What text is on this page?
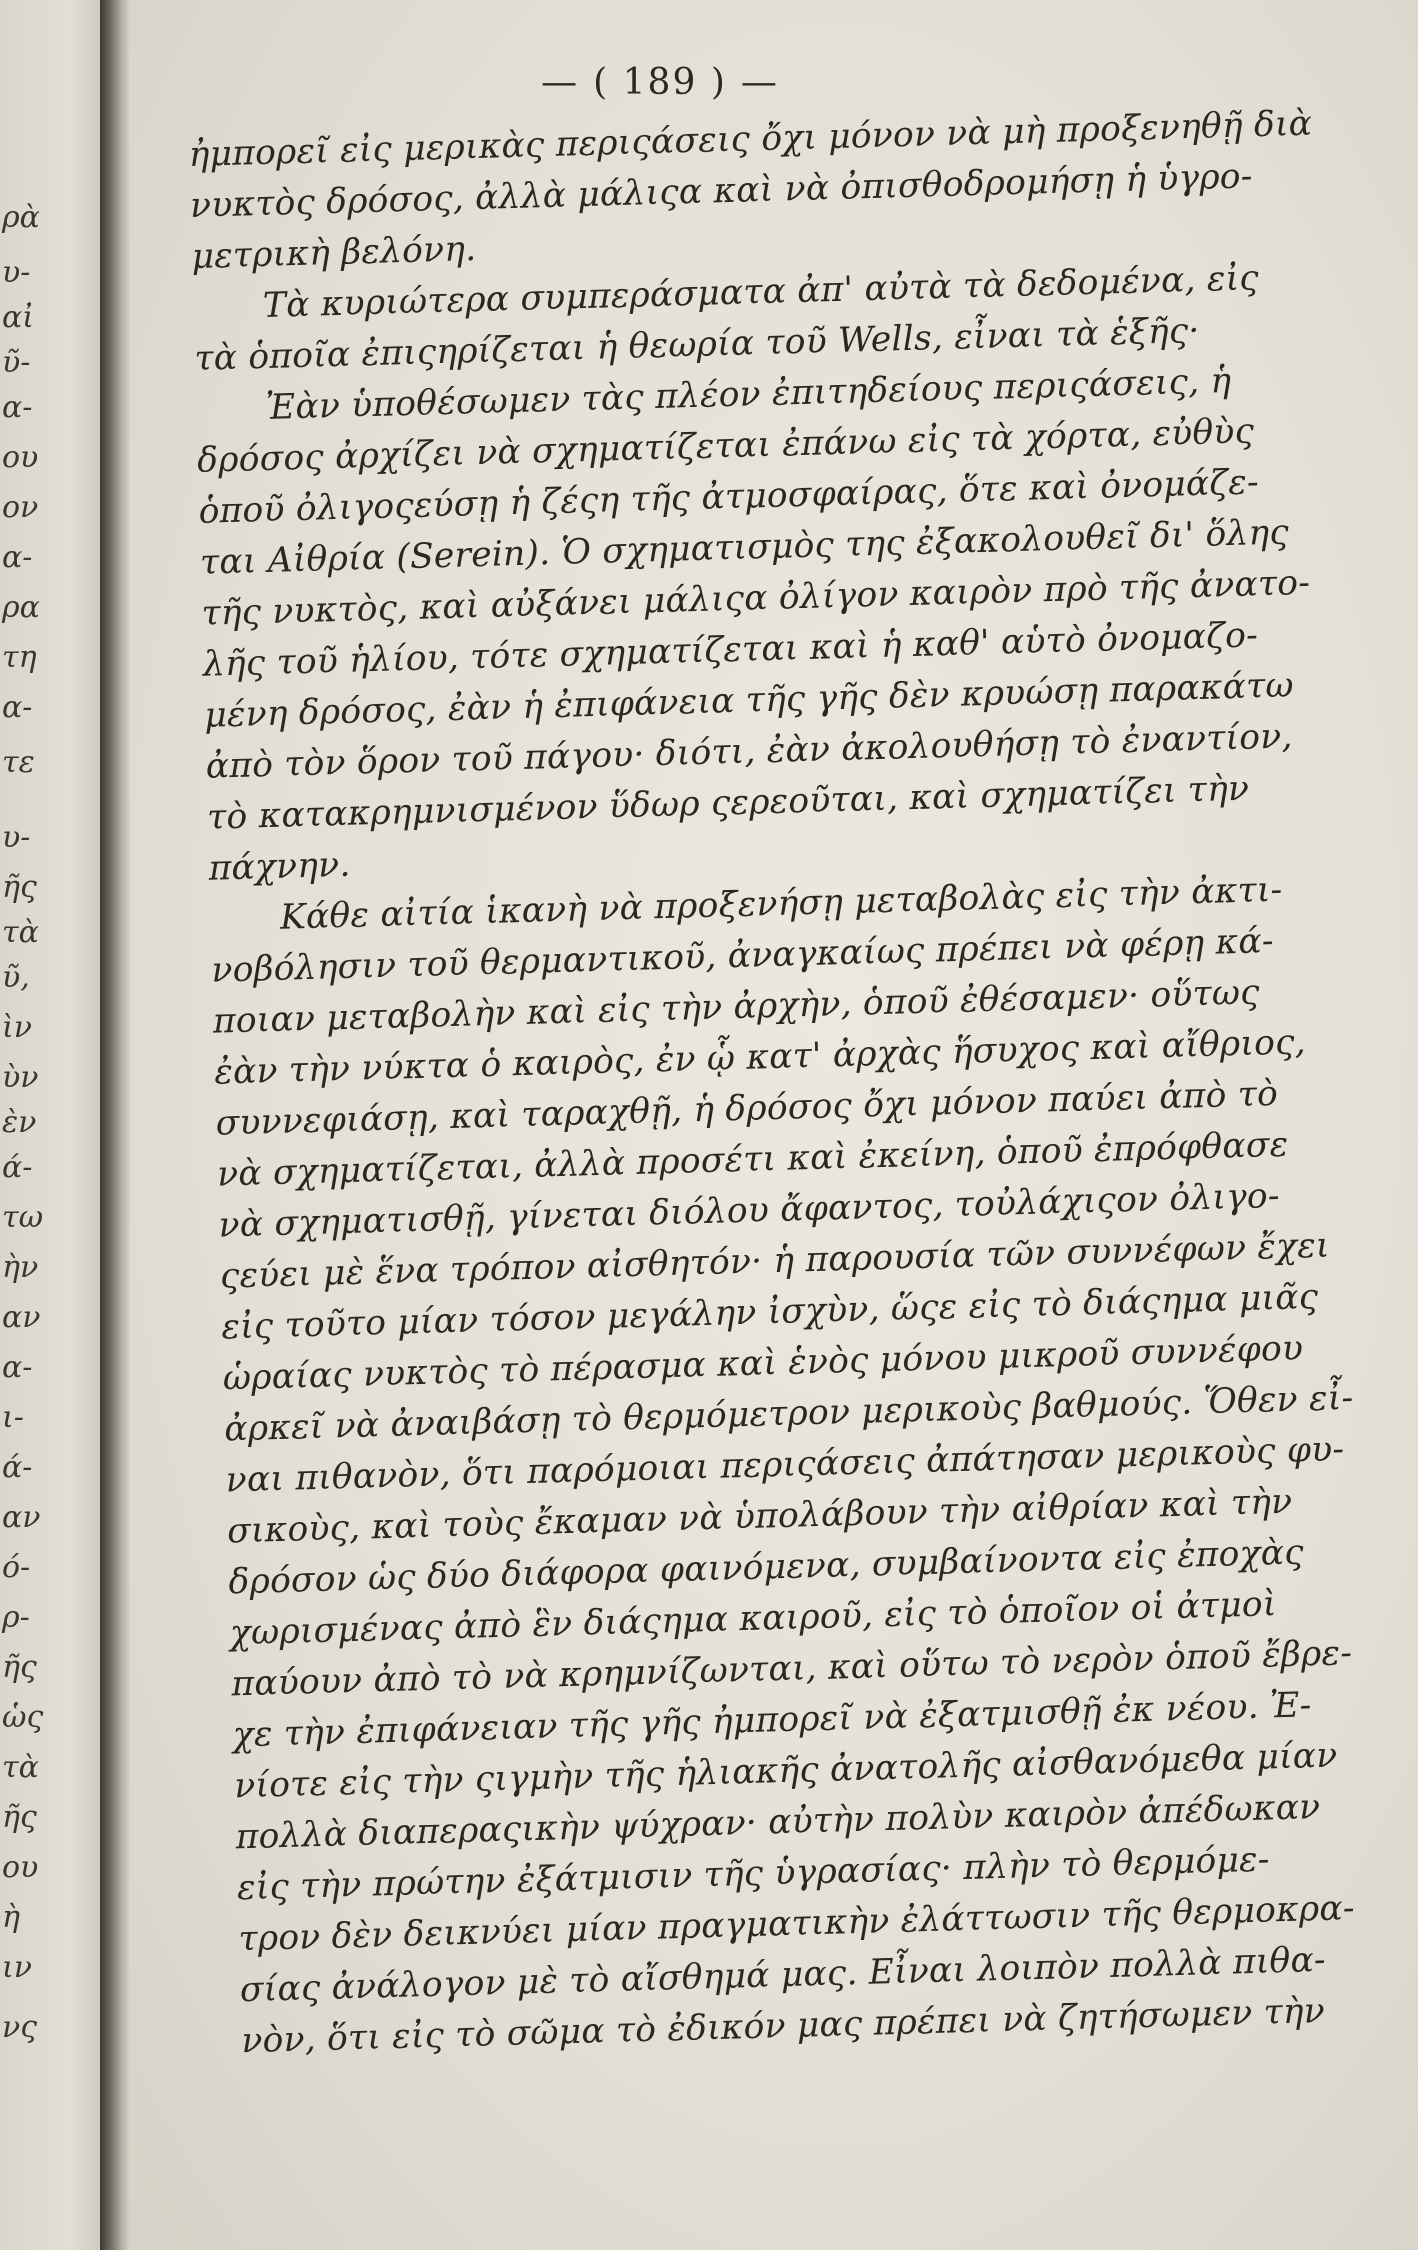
ρὰ
υ-
αἰ
ῦ-
α-
ου
ον
α-
ρα
τη
α-
τε
υ-
ῆς
τὰ
ῦ,
ὶν
ὺν
ὲν
ά-
τω
ὴν
αν
α-
ι-
ά-
αν
ό-
ρ-
ῆς
ὡς
τὰ
ῆς
ου
ὴ
ιν
νς
— ( 189 ) —
ἠμπορεῖ εἰς μερικὰς περιςάσεις ὄχι μόνον νὰ μὴ προξενηθῇ διὰ
νυκτὸς δρόσος, ἀλλὰ μάλιςα καὶ νὰ ὀπισθοδρομήσῃ ἡ ὑγρο-
μετρικὴ βελόνη.
Τὰ κυριώτερα συμπεράσματα ἀπ' αὐτὰ τὰ δεδομένα, εἰς
τὰ ὁποῖα ἐπιςηρίζεται ἡ θεωρία τοῦ Wells, εἶναι τὰ ἑξῆς·
Ἐὰν ὑποθέσωμεν τὰς πλέον ἐπιτηδείους περιςάσεις, ἡ
δρόσος ἀρχίζει νὰ σχηματίζεται ἐπάνω εἰς τὰ χόρτα, εὐθὺς
ὁποῦ ὀλιγοςεύσῃ ἡ ζέςη τῆς ἀτμοσφαίρας, ὅτε καὶ ὀνομάζε-
ται Αἰθρία (Serein). Ὁ σχηματισμὸς της ἐξακολουθεῖ δι' ὅλης
τῆς νυκτὸς, καὶ αὐξάνει μάλιςα ὀλίγον καιρὸν πρὸ τῆς ἀνατο-
λῆς τοῦ ἡλίου, τότε σχηματίζεται καὶ ἡ καθ' αὑτὸ ὀνομαζο-
μένη δρόσος, ἐὰν ἡ ἐπιφάνεια τῆς γῆς δὲν κρυώσῃ παρακάτω
ἀπὸ τὸν ὅρον τοῦ πάγου· διότι, ἐὰν ἀκολουθήσῃ τὸ ἐναντίον,
τὸ κατακρημνισμένον ὕδωρ ςερεοῦται, καὶ σχηματίζει τὴν
πάχνην.
Κάθε αἰτία ἱκανὴ νὰ προξενήσῃ μεταβολὰς εἰς τὴν ἀκτι-
νοβόλησιν τοῦ θερμαντικοῦ, ἀναγκαίως πρέπει νὰ φέρῃ κά-
ποιαν μεταβολὴν καὶ εἰς τὴν ἀρχὴν, ὁποῦ ἐθέσαμεν· οὕτως
ἐὰν τὴν νύκτα ὁ καιρὸς, ἐν ᾧ κατ' ἀρχὰς ἥσυχος καὶ αἴθριος,
συννεφιάσῃ, καὶ ταραχθῇ, ἡ δρόσος ὄχι μόνον παύει ἀπὸ τὸ
νὰ σχηματίζεται, ἀλλὰ προσέτι καὶ ἐκείνη, ὁποῦ ἐπρόφθασε
νὰ σχηματισθῇ, γίνεται διόλου ἄφαντος, τοὐλάχιςον ὀλιγο-
ςεύει μὲ ἕνα τρόπον αἰσθητόν· ἡ παρουσία τῶν συννέφων ἔχει
εἰς τοῦτο μίαν τόσον μεγάλην ἰσχὺν, ὥςε εἰς τὸ διάςημα μιᾶς
ὡραίας νυκτὸς τὸ πέρασμα καὶ ἑνὸς μόνου μικροῦ συννέφου
ἀρκεῖ νὰ ἀναιβάσῃ τὸ θερμόμετρον μερικοὺς βαθμούς. Ὅθεν εἶ-
ναι πιθανὸν, ὅτι παρόμοιαι περιςάσεις ἀπάτησαν μερικοὺς φυ-
σικοὺς, καὶ τοὺς ἔκαμαν νὰ ὑπολάβουν τὴν αἰθρίαν καὶ τὴν
δρόσον ὡς δύο διάφορα φαινόμενα, συμβαίνοντα εἰς ἐποχὰς
χωρισμένας ἀπὸ ἓν διάςημα καιροῦ, εἰς τὸ ὁποῖον οἱ ἀτμοὶ
παύουν ἀπὸ τὸ νὰ κρημνίζωνται, καὶ οὕτω τὸ νερὸν ὁποῦ ἔβρε-
χε τὴν ἐπιφάνειαν τῆς γῆς ἠμπορεῖ νὰ ἐξατμισθῇ ἐκ νέου. Ἐ-
νίοτε εἰς τὴν ςιγμὴν τῆς ἡλιακῆς ἀνατολῆς αἰσθανόμεθα μίαν
πολλὰ διαπεραςικὴν ψύχραν· αὐτὴν πολὺν καιρὸν ἀπέδωκαν
εἰς τὴν πρώτην ἐξάτμισιν τῆς ὑγρασίας· πλὴν τὸ θερμόμε-
τρον δὲν δεικνύει μίαν πραγματικὴν ἐλάττωσιν τῆς θερμοκρα-
σίας ἀνάλογον μὲ τὸ αἴσθημά μας. Εἶναι λοιπὸν πολλὰ πιθα-
νὸν, ὅτι εἰς τὸ σῶμα τὸ ἐδικόν μας πρέπει νὰ ζητήσωμεν τὴν
